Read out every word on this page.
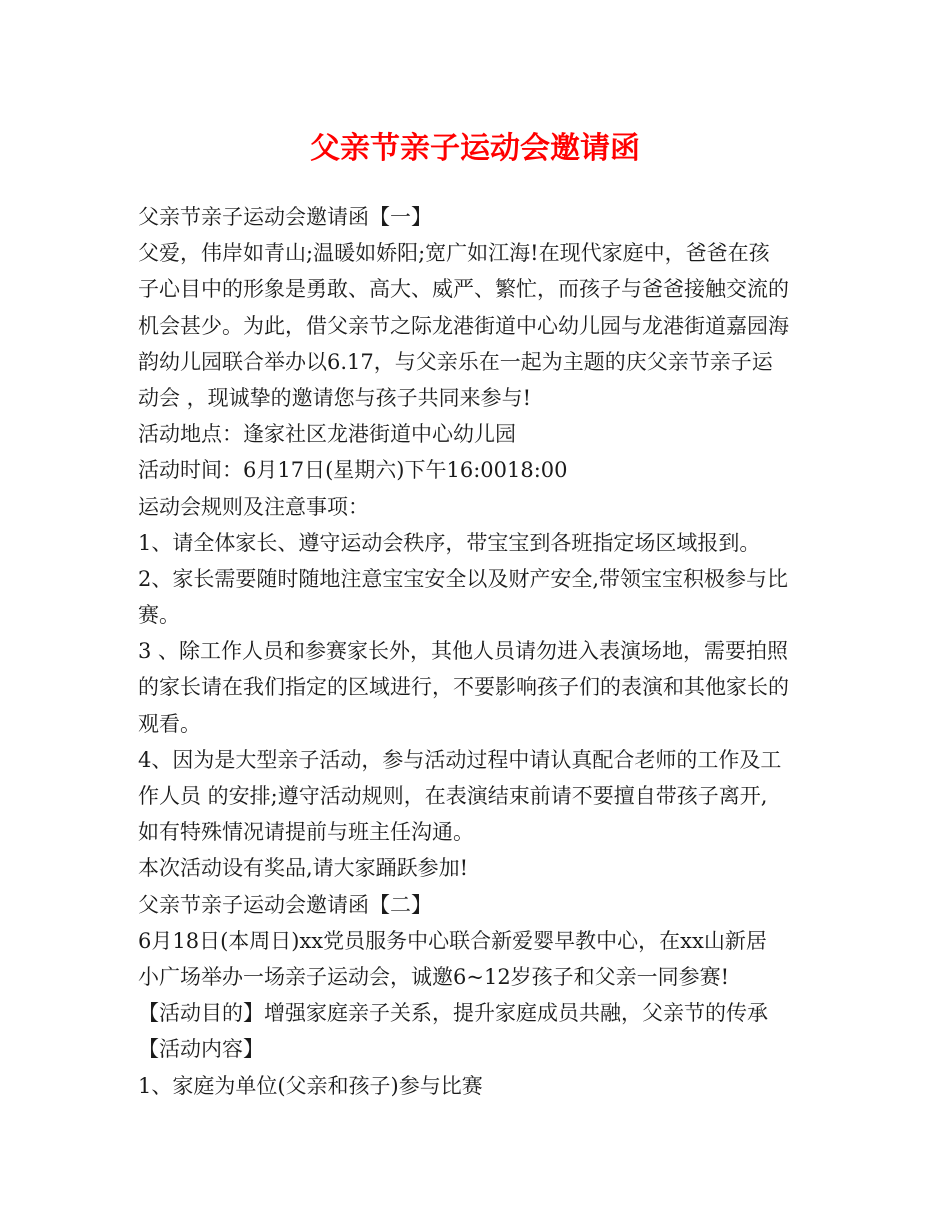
父亲节亲子运动会邀请函
父亲节亲子运动会邀请函【一】
父爱，伟岸如青山;温暖如娇阳;宽广如江海!在现代家庭中，爸爸在孩
子心目中的形象是勇敢、高大、威严、繁忙，而孩子与爸爸接触交流的
机会甚少。为此，借父亲节之际龙港街道中心幼儿园与龙港街道嘉园海
韵幼儿园联合举办以6.17，与父亲乐在一起为主题的庆父亲节亲子运
动会 ，现诚挚的邀请您与孩子共同来参与!
活动地点：逢家社区龙港街道中心幼儿园
活动时间：6月17日(星期六)下午16:0018:00
运动会规则及注意事项：
1、请全体家长、遵守运动会秩序，带宝宝到各班指定场区域报到。
2、家长需要随时随地注意宝宝安全以及财产安全,带领宝宝积极参与比
赛。
3 、除工作人员和参赛家长外，其他人员请勿进入表演场地，需要拍照
的家长请在我们指定的区域进行，不要影响孩子们的表演和其他家长的
观看。
4、因为是大型亲子活动，参与活动过程中请认真配合老师的工作及工
作人员 的安排;遵守活动规则，在表演结束前请不要擅自带孩子离开,
如有特殊情况请提前与班主任沟通。
本次活动设有奖品,请大家踊跃参加!
父亲节亲子运动会邀请函【二】
6月18日(本周日)xx党员服务中心联合新爱婴早教中心，在xx山新居
小广场举办一场亲子运动会，诚邀6~12岁孩子和父亲一同参赛!
【活动目的】增强家庭亲子关系，提升家庭成员共融，父亲节的传承
【活动内容】
1、家庭为单位(父亲和孩子)参与比赛
